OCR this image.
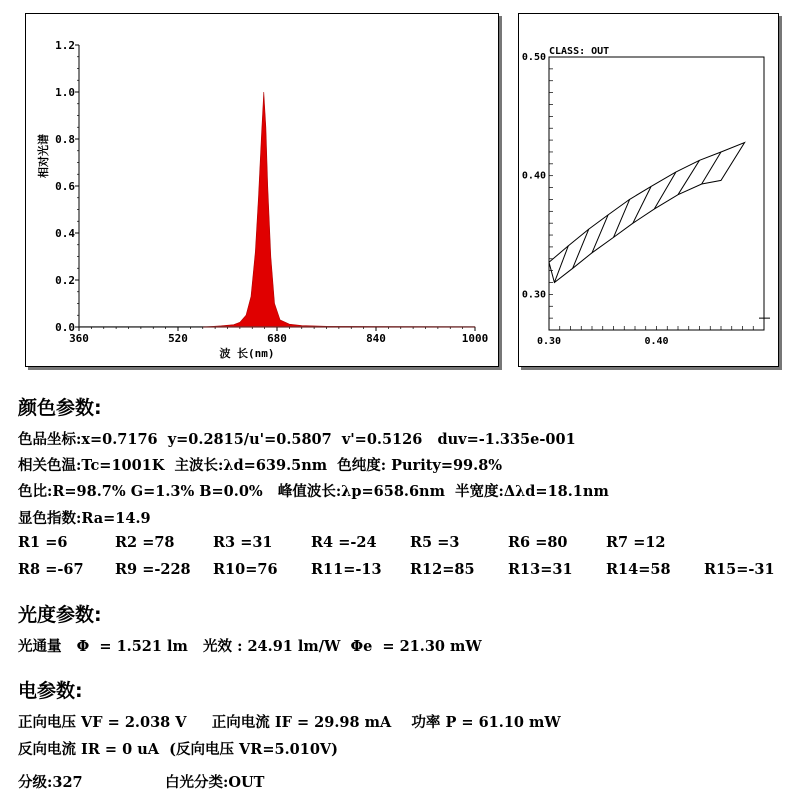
0.0
0.2
0.4
0.6
0.8
1.0
1.2
360	520	680	840	1000
波 长(nm)
相对光谱
CLASS: OUT
0.30	0.40
0.50
0.40
0.30
颜色参数:
色品坐标:x=0.7176  y=0.2815/u'=0.5807  v'=0.5126   duv=-1.335e-001
相关色温:Tc=1001K  主波长:λd=639.5nm  色纯度: Purity=99.8%
色比:R=98.7% G=1.3% B=0.0%   峰值波长:λp=658.6nm  半宽度:Δλd=18.1nm
显色指数:Ra=14.9
R1 =6	R2 =78	R3 =31	R4 =-24 R5 =3	R6 =80	R7 =12
R8 =-67 R9 =-228 R10=76 R11=-13 R12=85 R13=31 R14=58 R15=-31
光度参数:
光通量   Φ  = 1.521 lm   光效 : 24.91 lm/W  Φe  = 21.30 mW
电参数:
正向电压 VF = 2.038 V     正向电流 IF = 29.98 mA    功率 P = 61.10 mW
反向电流 IR = 0 uA  (反向电压 VR=5.010V)
分级:327	白光分类:OUT
